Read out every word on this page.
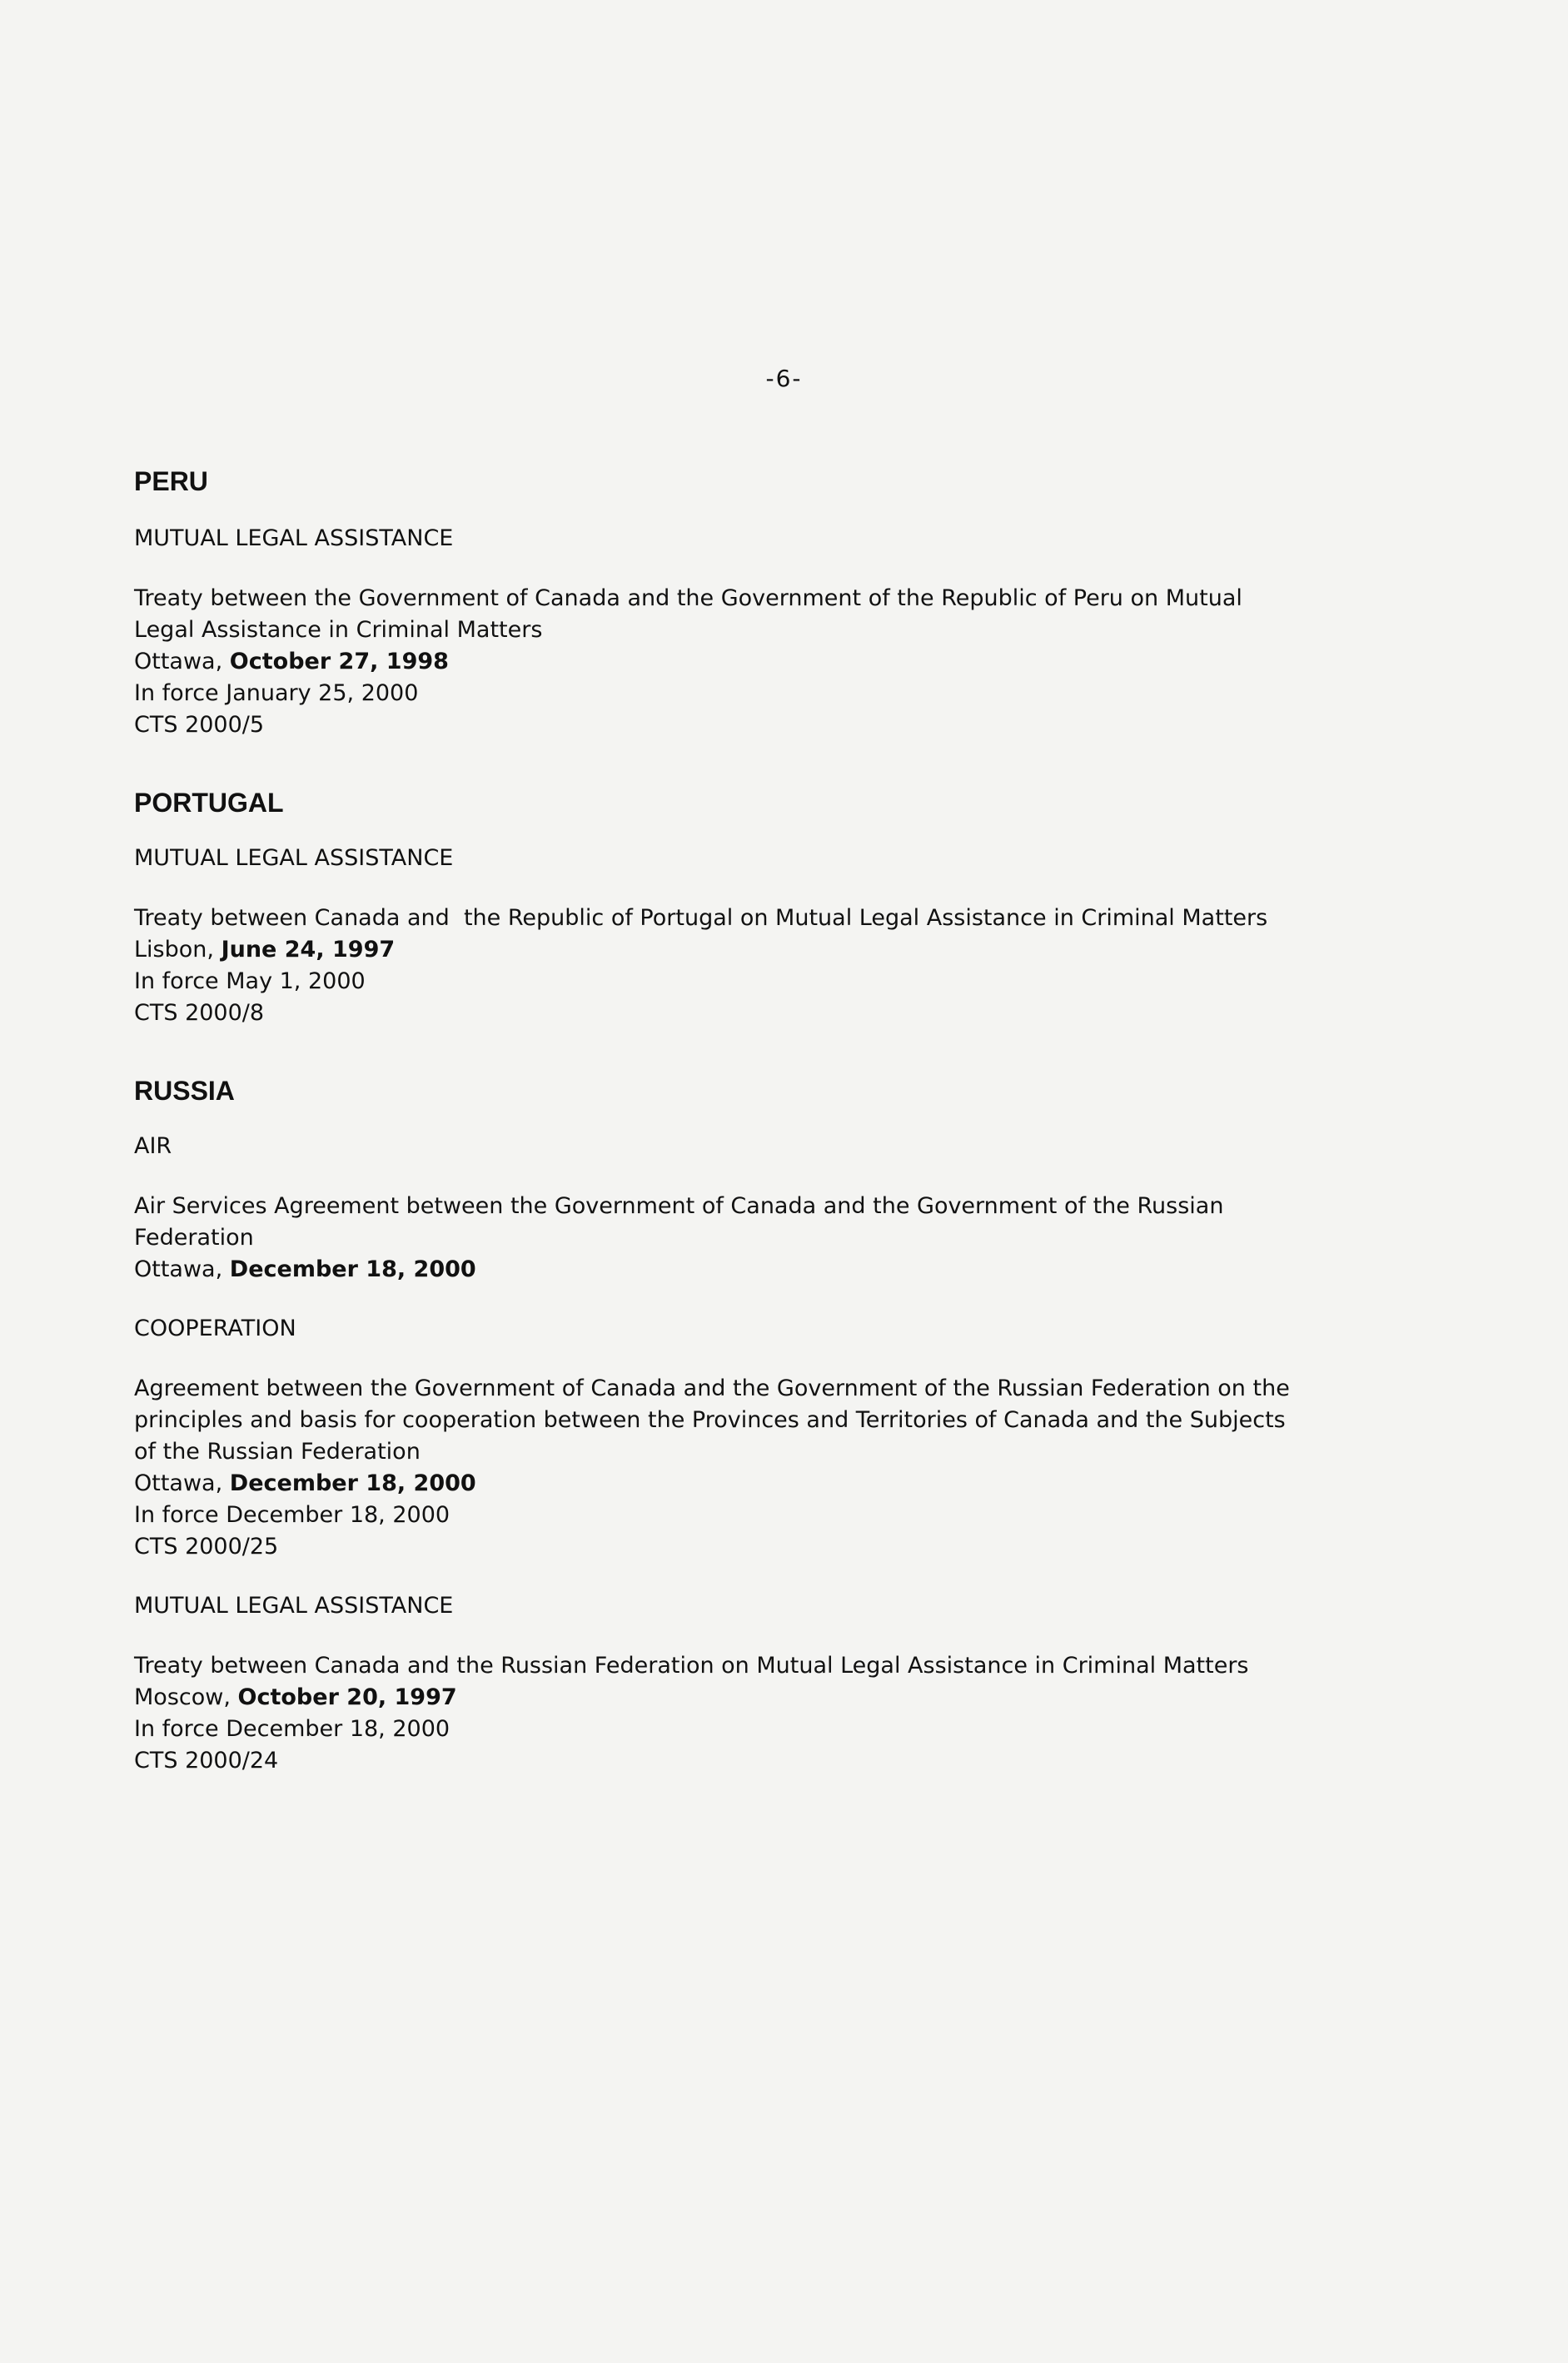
-6-
PERU

MUTUAL LEGAL ASSISTANCE

Treaty between the Government of Canada and the Government of the Republic of Peru on Mutual
Legal Assistance in Criminal Matters
Ottawa, October 27, 1998
In force January 25, 2000
CTS 2000/5
PORTUGAL

MUTUAL LEGAL ASSISTANCE

Treaty between Canada and  the Republic of Portugal on Mutual Legal Assistance in Criminal Matters
Lisbon, June 24, 1997
In force May 1, 2000
CTS 2000/8
RUSSIA

AIR

Air Services Agreement between the Government of Canada and the Government of the Russian
Federation
Ottawa, December 18, 2000

COOPERATION

Agreement between the Government of Canada and the Government of the Russian Federation on the
principles and basis for cooperation between the Provinces and Territories of Canada and the Subjects
of the Russian Federation
Ottawa, December 18, 2000
In force December 18, 2000
CTS 2000/25

MUTUAL LEGAL ASSISTANCE

Treaty between Canada and the Russian Federation on Mutual Legal Assistance in Criminal Matters
Moscow, October 20, 1997
In force December 18, 2000
CTS 2000/24
